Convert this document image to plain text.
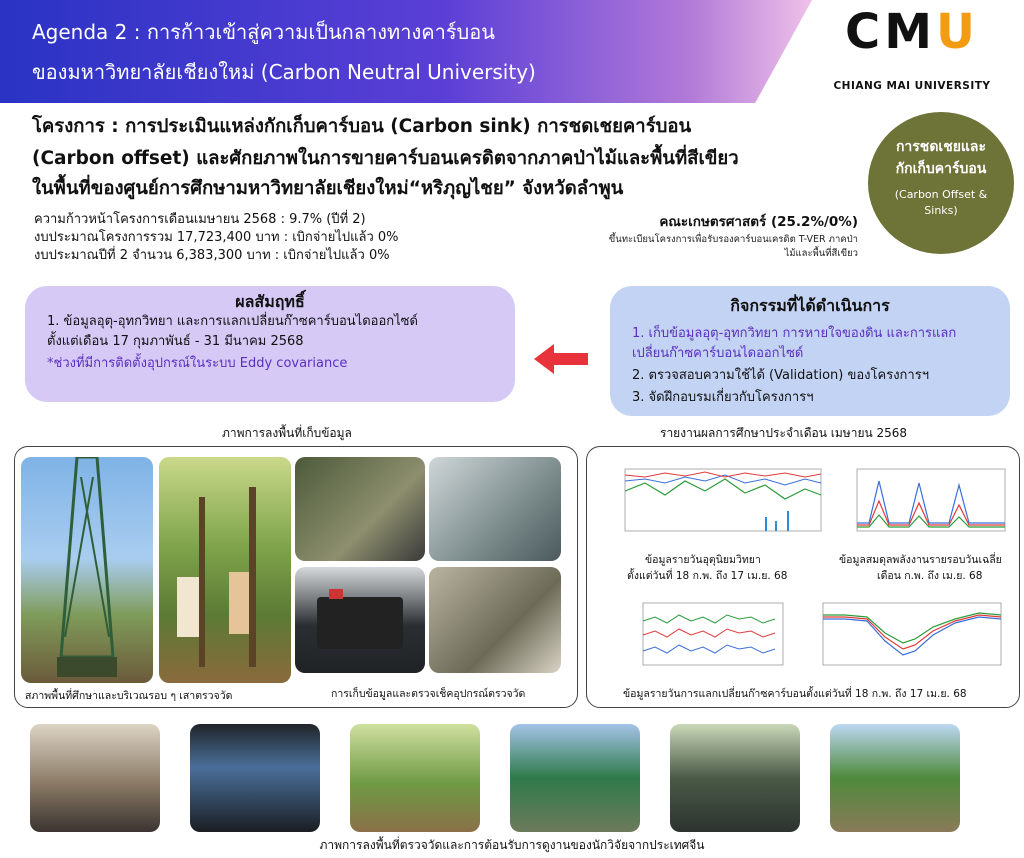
Agenda 2 : การก้าวเข้าสู่ความเป็นกลางทางคาร์บอน
ของมหาวิทยาลัยเชียงใหม่ (Carbon Neutral University)
CMU
CHIANG MAI UNIVERSITY
โครงการ : การประเมินแหล่งกักเก็บคาร์บอน (Carbon sink) การชดเชยคาร์บอน
(Carbon offset) และศักยภาพในการขายคาร์บอนเครดิตจากภาคป่าไม้และพื้นที่สีเขียว
ในพื้นที่ของศูนย์การศึกษามหาวิทยาลัยเชียงใหม่“หริภุญไชย” จังหวัดลำพูน
การชดเชยและ
กักเก็บคาร์บอน
(Carbon Offset &
Sinks)
ความก้าวหน้าโครงการเดือนเมษายน 2568 : 9.7% (ปีที่ 2)
งบประมาณโครงการรวม 17,723,400 บาท : เบิกจ่ายไปแล้ว 0%
งบประมาณปีที่ 2 จำนวน 6,383,300 บาท : เบิกจ่ายไปแล้ว 0%
คณะเกษตรศาสตร์ (25.2%/0%)
ขึ้นทะเบียนโครงการเพื่อรับรองคาร์บอนเครดิต T-VER ภาคป่า
ไม้และพื้นที่สีเขียว
ผลสัมฤทธิ์
1. ข้อมูลอุตุ-อุทกวิทยา และการแลกเปลี่ยนก๊าซคาร์บอนไดออกไซด์
ตั้งแต่เดือน 17 กุมภาพันธ์ - 31 มีนาคม 2568
*ช่วงที่มีการติดตั้งอุปกรณ์ในระบบ Eddy covariance
กิจกรรมที่ได้ดำเนินการ
1. เก็บข้อมูลอุตุ-อุทกวิทยา การหายใจของดิน และการแลก
เปลี่ยนก๊าซคาร์บอนไดออกไซด์
2. ตรวจสอบความใช้ได้ (Validation) ของโครงการฯ
3. จัดฝึกอบรมเกี่ยวกับโครงการฯ
ภาพการลงพื้นที่เก็บข้อมูล	รายงานผลการศึกษาประจำเดือน เมษายน 2568
สภาพพื้นที่ศึกษาและบริเวณรอบ ๆ เสาตรวจวัด	การเก็บข้อมูลและตรวจเช็คอุปกรณ์ตรวจวัด
ข้อมูลรายวันอุตุนิยมวิทยา
ตั้งแต่วันที่ 18 ก.พ. ถึง 17 เม.ย. 68
ข้อมูลสมดุลพลังงานรายรอบวันเฉลี่ย
เดือน ก.พ. ถึง เม.ย. 68
ข้อมูลรายวันการแลกเปลี่ยนก๊าซคาร์บอนตั้งแต่วันที่ 18 ก.พ. ถึง 17 เม.ย. 68
ภาพการลงพื้นที่ตรวจวัดและการต้อนรับการดูงานของนักวิจัยจากประเทศจีน
